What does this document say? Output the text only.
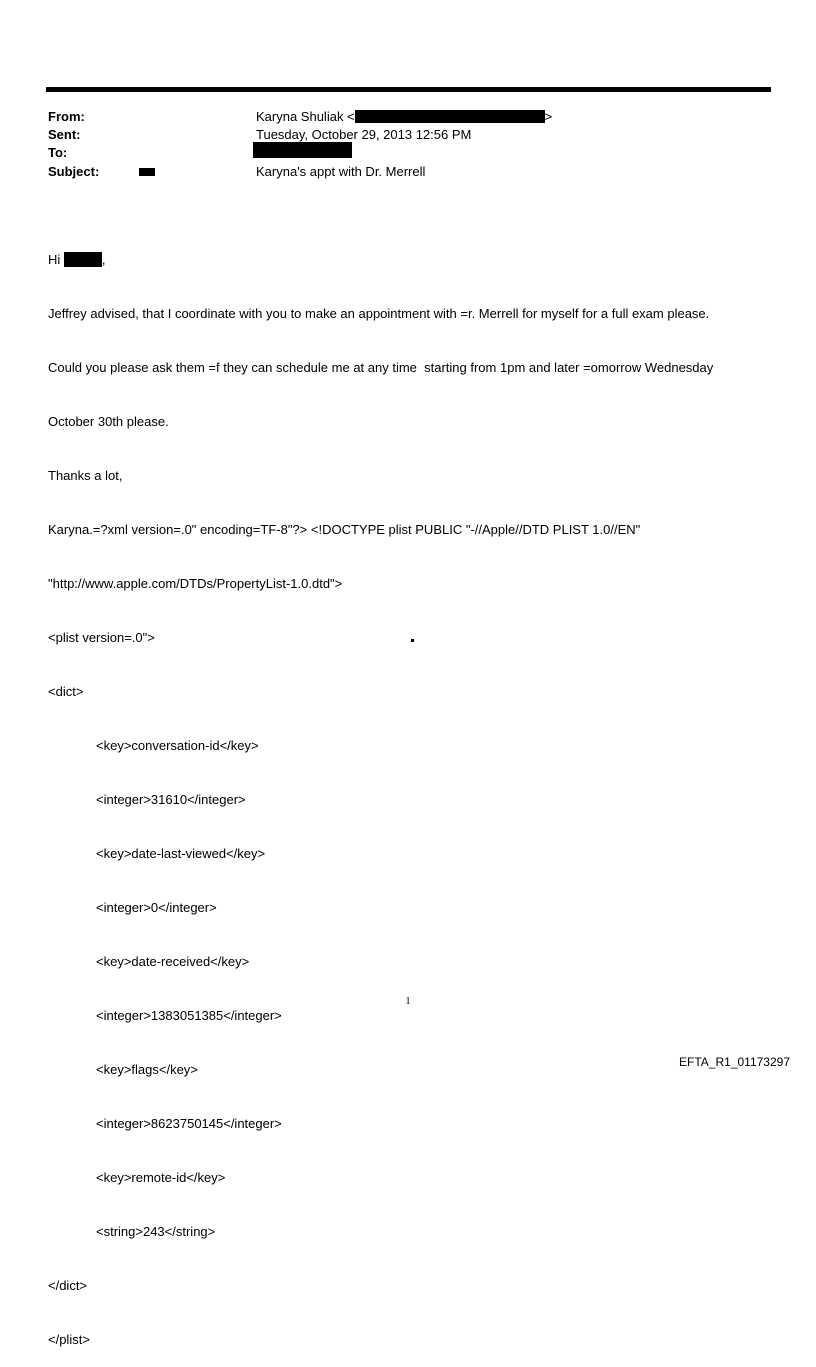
From:	Karyna Shuliak <	>
Sent:	Tuesday, October 29, 2013 12:56 PM
To:
Subject:	Karyna's appt with Dr. Merrell

Hi	,

Jeffrey advised, that I coordinate with you to make an appointment with =r. Merrell for myself for a full exam please.

Could you please ask them =f they can schedule me at any time  starting from 1pm and later =omorrow Wednesday

October 30th please.

Thanks a lot,

Karyna.=?xml version=.0" encoding=TF-8"?> <!DOCTYPE plist PUBLIC "-//Apple//DTD PLIST 1.0//EN"

"http://www.apple.com/DTDs/PropertyList-1.0.dtd">

<plist version=.0">

<dict>

<key>conversation-id</key>

<integer>31610</integer>

<key>date-last-viewed</key>

<integer>0</integer>

<key>date-received</key>

<integer>1383051385</integer>

<key>flags</key>

<integer>8623750145</integer>

<key>remote-id</key>

<string>243</string>

</dict>

</plist>

1
EFTA_R1_01173297
